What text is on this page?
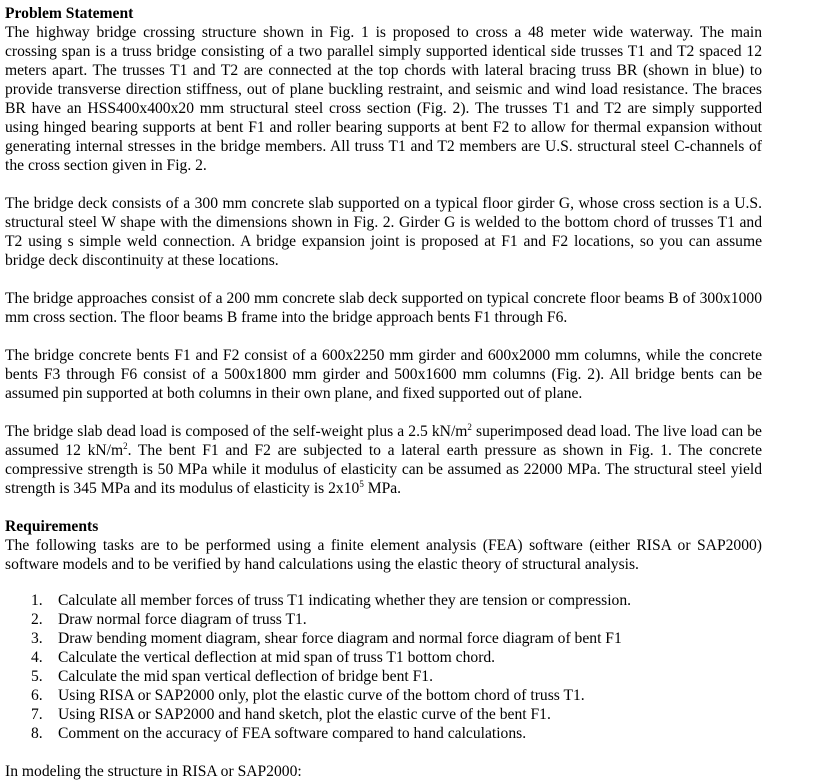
Problem Statement

The highway bridge crossing structure shown in Fig. 1 is proposed to cross a 48 meter wide waterway. The main crossing span is a truss bridge consisting of a two parallel simply supported identical side trusses T1 and T2 spaced 12 meters apart. The trusses T1 and T2 are connected at the top chords with lateral bracing truss BR (shown in blue) to provide transverse direction stiffness, out of plane buckling restraint, and seismic and wind load resistance. The braces BR have an HSS400x400x20 mm structural steel cross section (Fig. 2). The trusses T1 and T2 are simply supported using hinged bearing supports at bent F1 and roller bearing supports at bent F2 to allow for thermal expansion without generating internal stresses in the bridge members. All truss T1 and T2 members are U.S. structural steel C-channels of the cross section given in Fig. 2.

The bridge deck consists of a 300 mm concrete slab supported on a typical floor girder G, whose cross section is a U.S. structural steel W shape with the dimensions shown in Fig. 2. Girder G is welded to the bottom chord of trusses T1 and T2 using s simple weld connection. A bridge expansion joint is proposed at F1 and F2 locations, so you can assume bridge deck discontinuity at these locations.

The bridge approaches consist of a 200 mm concrete slab deck supported on typical concrete floor beams B of 300x1000 mm cross section. The floor beams B frame into the bridge approach bents F1 through F6.

The bridge concrete bents F1 and F2 consist of a 600x2250 mm girder and 600x2000 mm columns, while the concrete bents F3 through F6 consist of a 500x1800 mm girder and 500x1600 mm columns (Fig. 2). All bridge bents can be assumed pin supported at both columns in their own plane, and fixed supported out of plane.

The bridge slab dead load is composed of the self-weight plus a 2.5 $kN/m^2$ superimposed dead load. The live load can be assumed 12 $kN/m^2$. The bent F1 and F2 are subjected to a lateral earth pressure as shown in Fig. 1. The concrete compressive strength is 50 MPa while it modulus of elasticity can be assumed as 22000 MPa. The structural steel yield strength is 345 MPa and its modulus of elasticity is $2x10^5$ MPa.

Requirements

The following tasks are to be performed using a finite element analysis (FEA) software (either RISA or SAP2000) software models and to be verified by hand calculations using the elastic theory of structural analysis.

1. Calculate all member forces of truss T1 indicating whether they are tension or compression.
2. Draw normal force diagram of truss T1.
3. Draw bending moment diagram, shear force diagram and normal force diagram of bent F1
4. Calculate the vertical deflection at mid span of truss T1 bottom chord.
5. Calculate the mid span vertical deflection of bridge bent F1.
6. Using RISA or SAP2000 only, plot the elastic curve of the bottom chord of truss T1.
7. Using RISA or SAP2000 and hand sketch, plot the elastic curve of the bent F1.
8. Comment on the accuracy of FEA software compared to hand calculations.

In modeling the structure in RISA or SAP2000:
